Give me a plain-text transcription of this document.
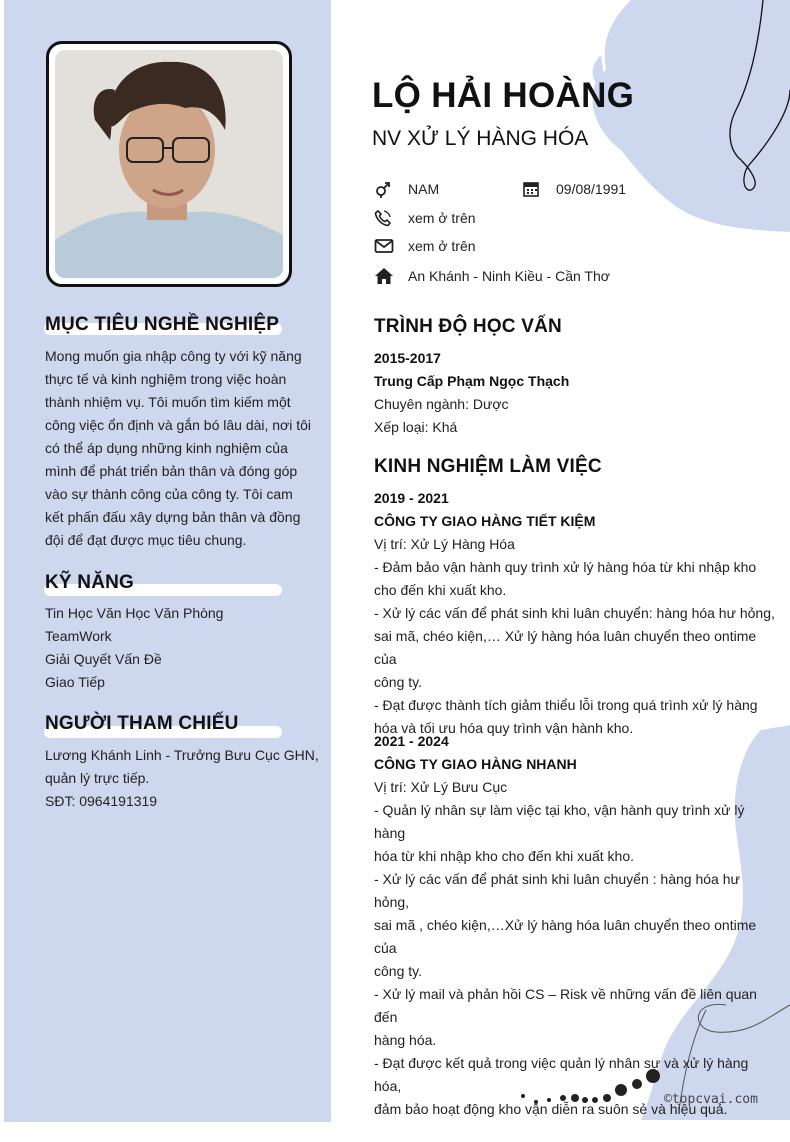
MỤC TIÊU NGHỀ NGHIỆP
Mong muốn gia nhập công ty với kỹ năng
thực tế và kinh nghiệm trong việc hoàn
thành nhiệm vụ. Tôi muốn tìm kiếm một
công việc ổn định và gắn bó lâu dài, nơi tôi
có thể áp dụng những kinh nghiệm của
mình để phát triển bản thân và đóng góp
vào sự thành công của công ty. Tôi cam
kết phấn đấu xây dựng bản thân và đồng
đội để đạt được mục tiêu chung.
KỸ NĂNG
Tin Học Văn Học Văn Phòng
TeamWork
Giải Quyết Vấn Đề
Giao Tiếp
NGƯỜI THAM CHIẾU
Lương Khánh Linh - Trưởng Bưu Cục GHN,
quản lý trực tiếp.
SĐT: 0964191319
LỘ HẢI HOÀNG
NV XỬ LÝ HÀNG HÓA
NAM	09/08/1991
xem ở trên
xem ở trên
An Khánh - Ninh Kiều - Cần Thơ
TRÌNH ĐỘ HỌC VẤN
2015-2017
Trung Cấp Phạm Ngọc Thạch
Chuyên ngành: Dược
Xếp loại: Khá
KINH NGHIỆM LÀM VIỆC
2019 - 2021
CÔNG TY GIAO HÀNG TIẾT KIỆM
Vị trí: Xử Lý Hàng Hóa
- Đảm bảo vận hành quy trình xử lý hàng hóa từ khi nhập kho
cho đến khi xuất kho.
- Xử lý các vấn để phát sinh khi luân chuyển: hàng hóa hư hỏng,
sai mã, chéo kiện,… Xử lý hàng hóa luân chuyển theo ontime của
công ty.
- Đạt được thành tích giảm thiểu lỗi trong quá trình xử lý hàng
hóa và tối ưu hóa quy trình vận hành kho.
2021 - 2024
CÔNG TY GIAO HÀNG NHANH
Vị trí: Xử Lý Bưu Cục
- Quản lý nhân sự làm việc tại kho, vận hành quy trình xử lý hàng
hóa từ khi nhập kho cho đến khi xuất kho.
- Xử lý các vấn để phát sinh khi luân chuyển : hàng hóa hư hỏng,
sai mã , chéo kiện,…Xử lý hàng hóa luân chuyển theo ontime của
công ty.
- Xử lý mail và phản hồi CS – Risk về những vấn đề liên quan đến
hàng hóa.
- Đạt được kết quả trong việc quản lý nhân sự và xử lý hàng hóa,
đảm bảo hoạt động kho vận diễn ra suôn sẻ và hiệu quả.
©topcvai.com
